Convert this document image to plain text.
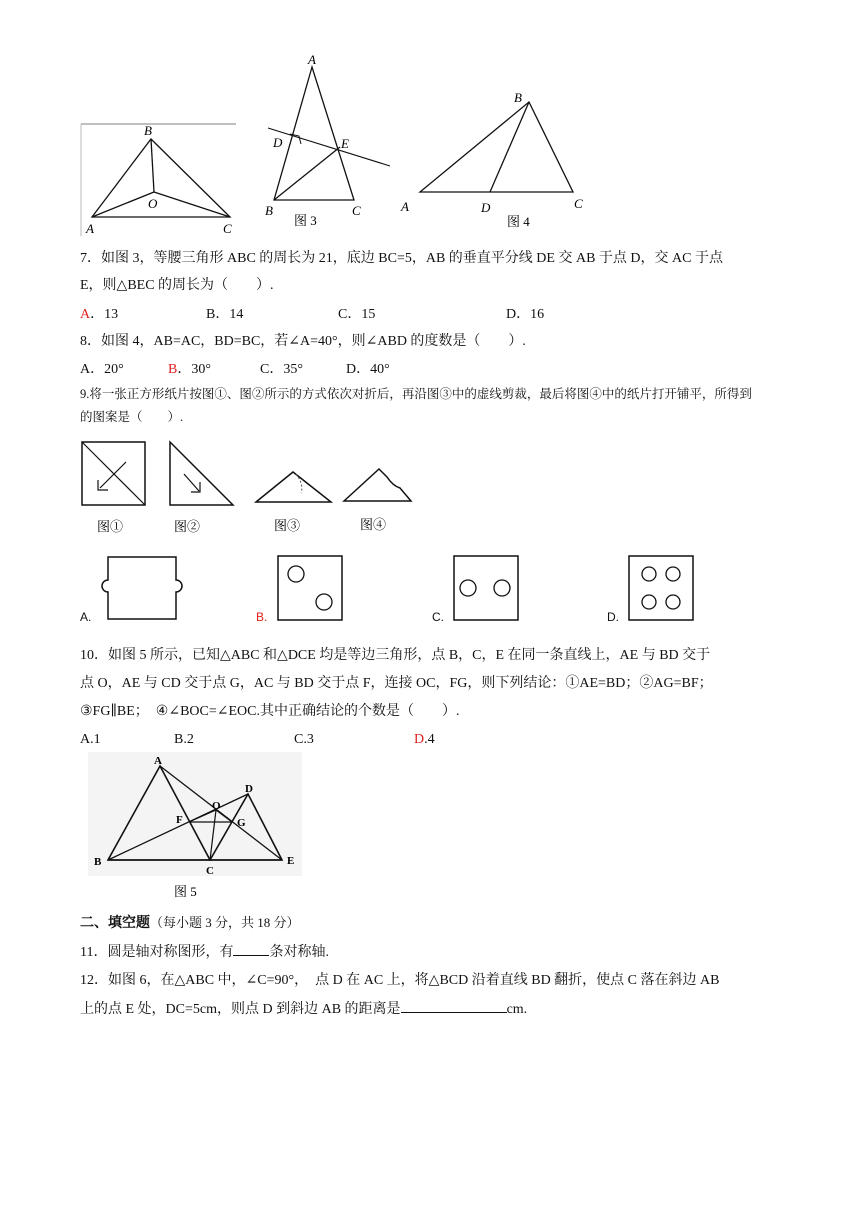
B
O
A	C
A
D	E
B	C
图 3
B
A	D	C
图 4
7．如图 3，等腰三角形 ABC 的周长为 21，底边 BC=5，AB 的垂直平分线 DE 交 AB 于点 D，交 AC 于点
E，则△BEC 的周长为（　　）.
A．13	B．14	C．15	D．16
8．如图 4，AB=AC，BD=BC，若∠A=40°，则∠ABD 的度数是（　　）.
A．20°	B．30°	C．35°	D．40°
9.将一张正方形纸片按图①、图②所示的方式依次对折后，再沿图③中的虚线剪裁，最后将图④中的纸片打开铺平，所得到
的图案是（　　）.
图①	图②	图③	图④
A.	B.	C.	D.
10．如图 5 所示，已知△ABC 和△DCE 均是等边三角形，点 B，C，E 在同一条直线上，AE 与 BD 交于
点 O，AE 与 CD 交于点 G，AC 与 BD 交于点 F，连接 OC，FG，则下列结论：①AE=BD；②AG=BF；
③FG∥BE；　④∠BOC=∠EOC.其中正确结论的个数是（　　）.
A.1	B.2	C.3	D.4
A
D
O
F	G
B
C
E
图 5
二、填空题（每小题 3 分，共 18 分）
11．圆是轴对称图形，有	条对称轴.
12．如图 6，在△ABC 中，∠C=90°，　点 D 在 AC 上，将△BCD 沿着直线 BD 翻折，使点 C 落在斜边 AB
上的点 E 处，DC=5cm，则点 D 到斜边 AB 的距离是	cm.
